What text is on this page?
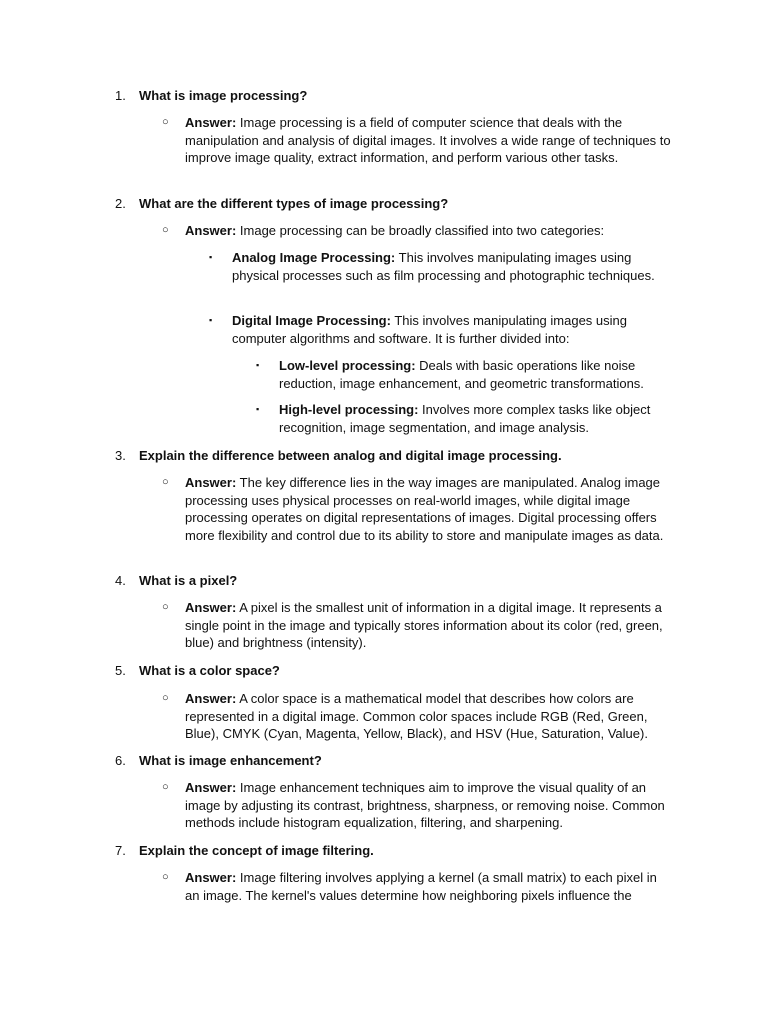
1.	What is image processing?
○	Answer: Image processing is a field of computer science that deals with the manipulation and analysis of digital images. It involves a wide range of techniques to improve image quality, extract information, and perform various other tasks.
2.	What are the different types of image processing?
○	Answer: Image processing can be broadly classified into two categories:
▪	Analog Image Processing: This involves manipulating images using physical processes such as film processing and photographic techniques.
▪	Digital Image Processing: This involves manipulating images using computer algorithms and software. It is further divided into:
▪	Low-level processing: Deals with basic operations like noise reduction, image enhancement, and geometric transformations.
▪	High-level processing: Involves more complex tasks like object recognition, image segmentation, and image analysis.
3.	Explain the difference between analog and digital image processing.
○	Answer: The key difference lies in the way images are manipulated. Analog image processing uses physical processes on real-world images, while digital image processing operates on digital representations of images. Digital processing offers more flexibility and control due to its ability to store and manipulate images as data.
4.	What is a pixel?
○	Answer: A pixel is the smallest unit of information in a digital image. It represents a single point in the image and typically stores information about its color (red, green, blue) and brightness (intensity).
5.	What is a color space?
○	Answer: A color space is a mathematical model that describes how colors are represented in a digital image. Common color spaces include RGB (Red, Green, Blue), CMYK (Cyan, Magenta, Yellow, Black), and HSV (Hue, Saturation, Value).
6.	What is image enhancement?
○	Answer: Image enhancement techniques aim to improve the visual quality of an image by adjusting its contrast, brightness, sharpness, or removing noise. Common methods include histogram equalization, filtering, and sharpening.
7.	Explain the concept of image filtering.
○	Answer: Image filtering involves applying a kernel (a small matrix) to each pixel in an image. The kernel's values determine how neighboring pixels influence the
